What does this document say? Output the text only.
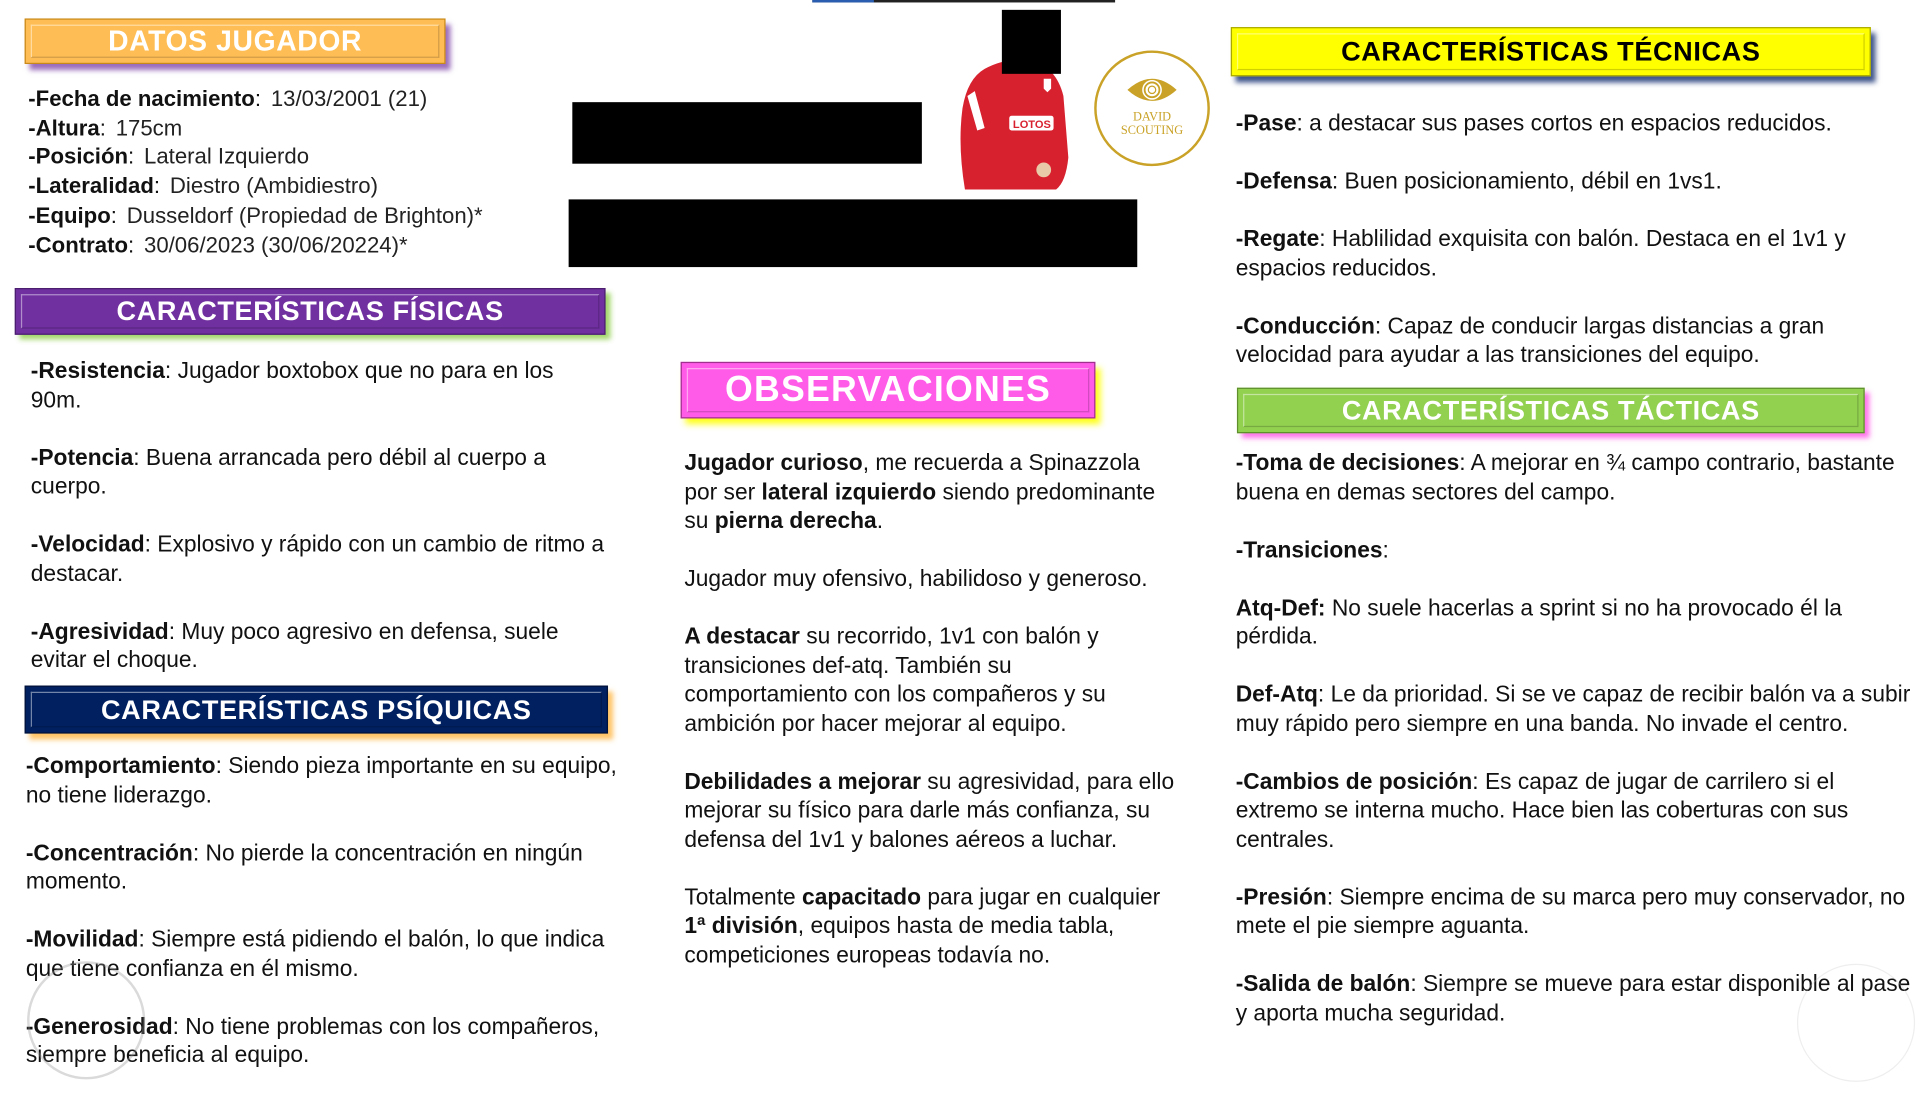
DATOS JUGADOR
-Fecha de nacimiento: 13/03/2001 (21)
-Altura: 175cm
-Posición: Lateral Izquierdo
-Lateralidad: Diestro (Ambidiestro)
-Equipo: Dusseldorf (Propiedad de Brighton)*
-Contrato: 30/06/2023 (30/06/20224)*
LOTOS
DAVID
SCOUTING
CARACTERÍSTICAS FÍSICAS

-Resistencia: Jugador boxtobox que no para en los 90m.

-Potencia: Buena arrancada pero débil al cuerpo a cuerpo.

-Velocidad: Explosivo y rápido con un cambio de ritmo a destacar.

-Agresividad: Muy poco agresivo en defensa, suele evitar el choque.

CARACTERÍSTICAS PSÍQUICAS

-Comportamiento: Siendo pieza importante en su equipo, no tiene liderazgo.

-Concentración: No pierde la concentración en ningún momento.

-Movilidad: Siempre está pidiendo el balón, lo que indica que tiene confianza en él mismo.

-Generosidad: No tiene problemas con los compañeros, siempre beneficia al equipo.

OBSERVACIONES

Jugador curioso, me recuerda a Spinazzola por ser lateral izquierdo siendo predominante su pierna derecha.

Jugador muy ofensivo, habilidoso y generoso.

A destacar su recorrido, 1v1 con balón y transiciones def-atq. También su comportamiento con los compañeros y su ambición por hacer mejorar al equipo.

Debilidades a mejorar su agresividad, para ello mejorar su físico para darle más confianza, su defensa del 1v1 y balones aéreos a luchar.

Totalmente capacitado para jugar en cualquier 1ª división, equipos hasta de media tabla, competiciones europeas todavía no.

CARACTERÍSTICAS TÉCNICAS

-Pase: a destacar sus pases cortos en espacios reducidos.

-Defensa: Buen posicionamiento, débil en 1vs1.

-Regate: Hablilidad exquisita con balón. Destaca en el 1v1 y espacios reducidos.

-Conducción: Capaz de conducir largas distancias a gran velocidad para ayudar a las transiciones del equipo.

CARACTERÍSTICAS TÁCTICAS

-Toma de decisiones: A mejorar en ¾ campo contrario, bastante buena en demas sectores del campo.

-Transiciones:

Atq-Def: No suele hacerlas a sprint si no ha provocado él la pérdida.

Def-Atq: Le da prioridad. Si se ve capaz de recibir balón va a subir muy rápido pero siempre en una banda. No invade el centro.

-Cambios de posición: Es capaz de jugar de carrilero si el extremo se interna mucho. Hace bien las coberturas con sus centrales.

-Presión: Siempre encima de su marca pero muy conservador, no mete el pie siempre aguanta.

-Salida de balón: Siempre se mueve para estar disponible al pase y aporta mucha seguridad.
